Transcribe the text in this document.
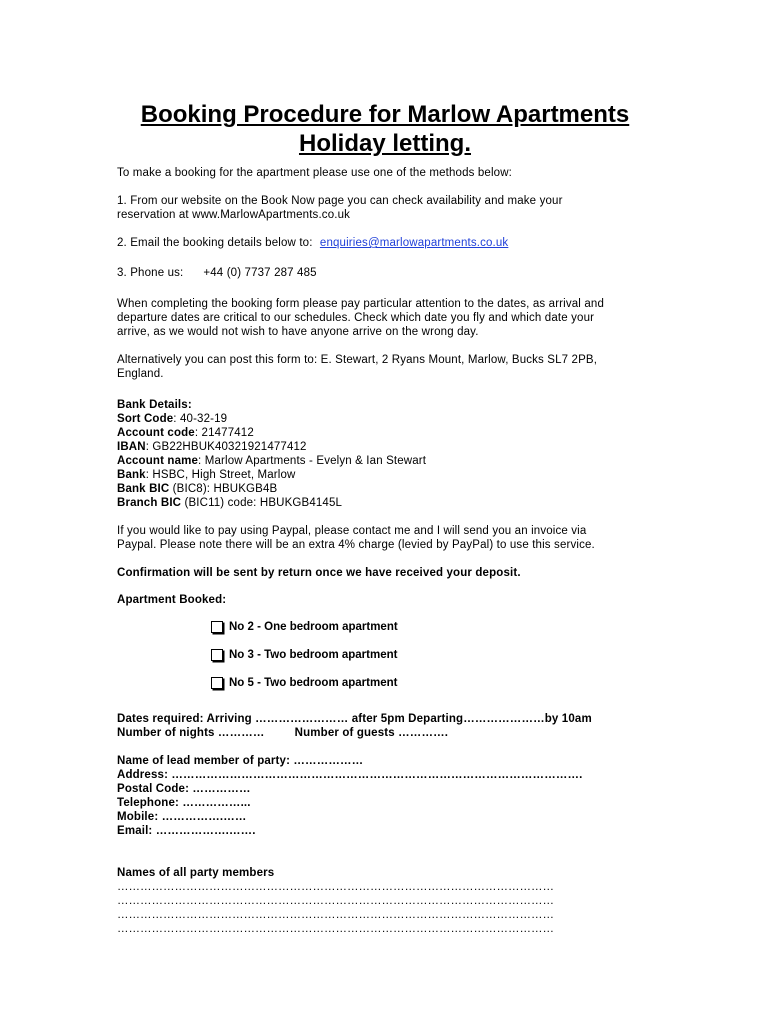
Booking Procedure for Marlow Apartments
Holiday letting.
To make a booking for the apartment please use one of the methods below:
1. From our website on the Book Now page you can check availability and make your
reservation at www.MarlowApartments.co.uk
2. Email the booking details below to: enquiries@marlowapartments.co.uk
3. Phone us: +44 (0) 7737 287 485
When completing the booking form please pay particular attention to the dates, as arrival and
departure dates are critical to our schedules. Check which date you fly and which date your
arrive, as we would not wish to have anyone arrive on the wrong day.
Alternatively you can post this form to: E. Stewart, 2 Ryans Mount, Marlow, Bucks SL7 2PB,
England.
Bank Details:
Sort Code: 40-32-19
Account code: 21477412
IBAN: GB22HBUK40321921477412
Account name: Marlow Apartments - Evelyn & Ian Stewart
Bank: HSBC, High Street, Marlow
Bank BIC (BIC8): HBUKGB4B
Branch BIC (BIC11) code: HBUKGB4145L
If you would like to pay using Paypal, please contact me and I will send you an invoice via
Paypal. Please note there will be an extra 4% charge (levied by PayPal) to use this service.
Confirmation will be sent by return once we have received your deposit.
Apartment Booked:
No 2 - One bedroom apartment
No 3 - Two bedroom apartment
No 5 - Two bedroom apartment
Dates required: Arriving …………………… after 5pm Departing…………………by 10am
Number of nights …………         Number of guests ………….
Name of lead member of party: ………………
Address: …………………………………………………………………………………………….
Postal Code: ……………
Telephone: ……………...
Mobile: …………….……
Email: ……………….…….
Names of all party members
……………………………………………………………………………………………………
……………………………………………………………………………………………………
……………………………………………………………………………………………………
……………………………………………………………………………………………………
